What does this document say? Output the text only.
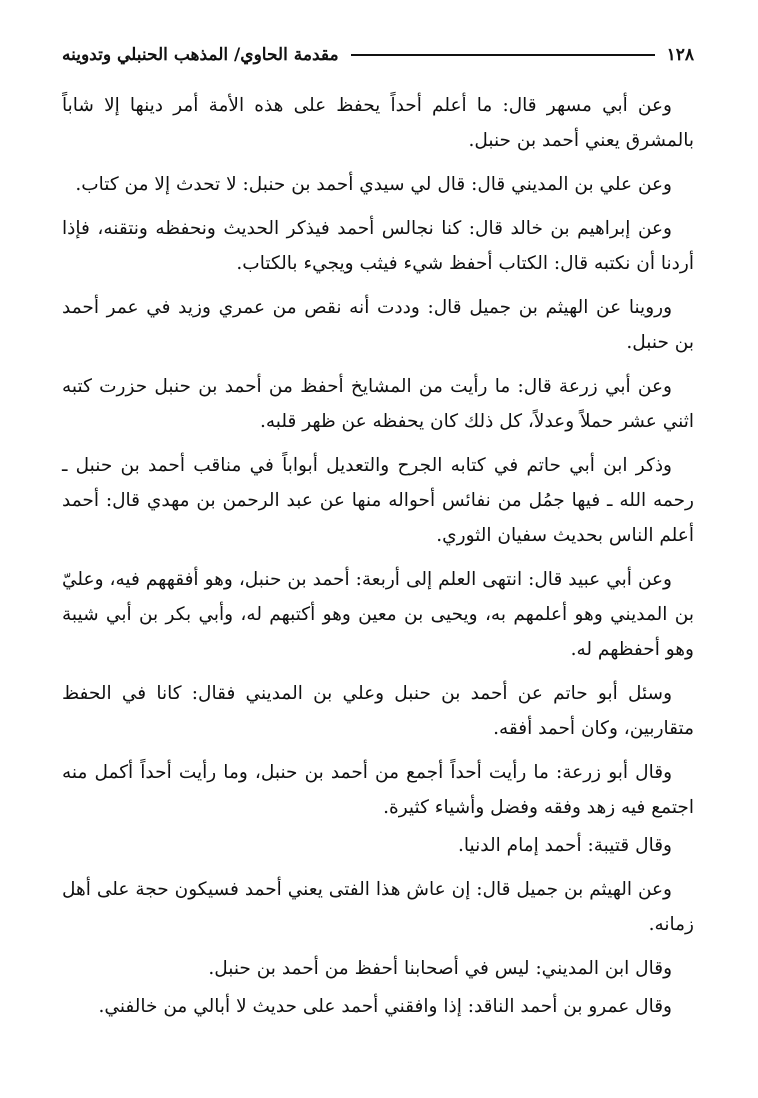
١٢٨
مقدمة الحاوي/ المذهب الحنبلي وتدوينه

وعن أبي مسهر قال: ما أعلم أحداً يحفظ على هذه الأمة أمر دينها إلا شاباً بالمشرق يعني أحمد بن حنبل.

وعن علي بن المديني قال: قال لي سيدي أحمد بن حنبل: لا تحدث إلا من كتاب.

وعن إبراهيم بن خالد قال: كنا نجالس أحمد فيذكر الحديث ونحفظه ونتقنه، فإذا أردنا أن نكتبه قال: الكتاب أحفظ شيء فيثب ويجيء بالكتاب.

وروينا عن الهيثم بن جميل قال: وددت أنه نقص من عمري وزيد في عمر أحمد بن حنبل.

وعن أبي زرعة قال: ما رأيت من المشايخ أحفظ من أحمد بن حنبل حزرت كتبه اثني عشر حملاً وعدلاً، كل ذلك كان يحفظه عن ظهر قلبه.

وذكر ابن أبي حاتم في كتابه الجرح والتعديل أبواباً في مناقب أحمد بن حنبل ـ رحمه الله ـ فيها جمُل من نفائس أحواله منها عن عبد الرحمن بن مهدي قال: أحمد أعلم الناس بحديث سفيان الثوري.

وعن أبي عبيد قال: انتهى العلم إلى أربعة: أحمد بن حنبل، وهو أفقههم فيه، وعليّ بن المديني وهو أعلمهم به، ويحيى بن معين وهو أكتبهم له، وأبي بكر بن أبي شيبة وهو أحفظهم له.

وسئل أبو حاتم عن أحمد بن حنبل وعلي بن المديني فقال: كانا في الحفظ متقاربين، وكان أحمد أفقه.

وقال أبو زرعة: ما رأيت أحداً أجمع من أحمد بن حنبل، وما رأيت أحداً أكمل منه اجتمع فيه زهد وفقه وفضل وأشياء كثيرة.

وقال قتيبة: أحمد إمام الدنيا.

وعن الهيثم بن جميل قال: إن عاش هذا الفتى يعني أحمد فسيكون حجة على أهل زمانه.

وقال ابن المديني: ليس في أصحابنا أحفظ من أحمد بن حنبل.

وقال عمرو بن أحمد الناقد: إذا وافقني أحمد على حديث لا أبالي من خالفني.
